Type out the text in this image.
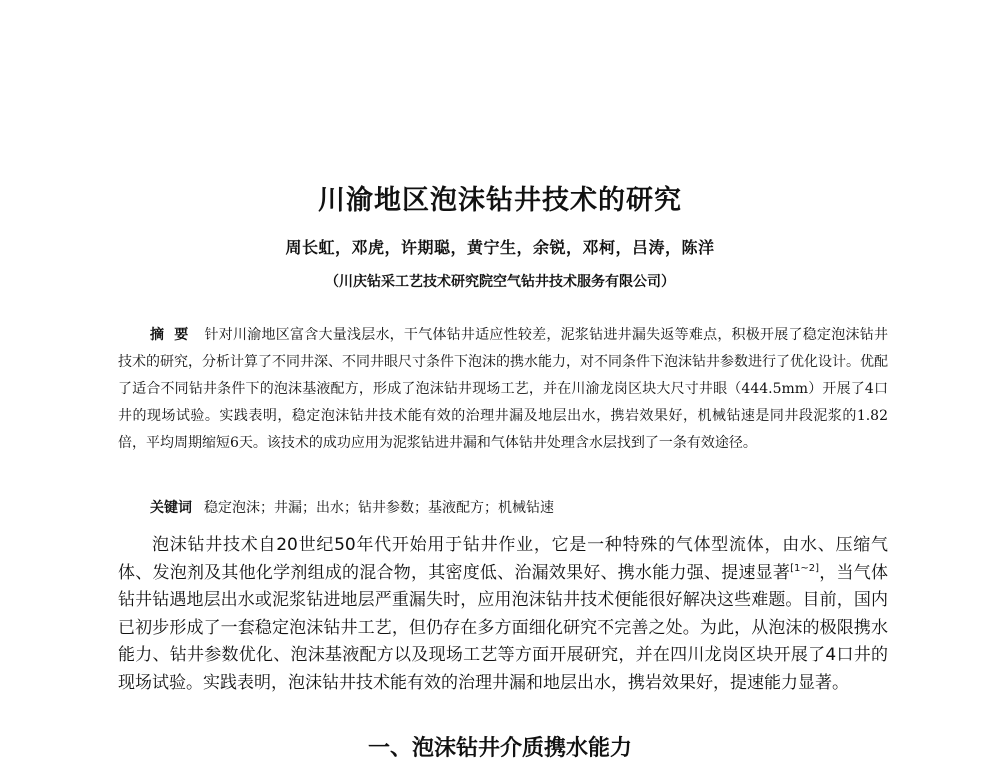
川渝地区泡沫钻井技术的研究
周长虹，邓虎，许期聪，黄宁生，余锐，邓柯，吕涛，陈洋
（川庆钻采工艺技术研究院空气钻井技术服务有限公司）

摘要 针对川渝地区富含大量浅层水，干气体钻井适应性较差，泥浆钻进井漏失返等难点，积极开展了稳定泡沫钻井技术的研究，分析计算了不同井深、不同井眼尺寸条件下泡沫的携水能力，对不同条件下泡沫钻井参数进行了优化设计。优配了适合不同钻井条件下的泡沫基液配方，形成了泡沫钻井现场工艺，并在川渝龙岗区块大尺寸井眼（444.5mm）开展了4口井的现场试验。实践表明，稳定泡沫钻井技术能有效的治理井漏及地层出水，携岩效果好，机械钻速是同井段泥浆的1.82倍，平均周期缩短6天。该技术的成功应用为泥浆钻进井漏和气体钻井处理含水层找到了一条有效途径。

关键词 稳定泡沫；井漏；出水；钻井参数；基液配方；机械钻速

泡沫钻井技术自20世纪50年代开始用于钻井作业，它是一种特殊的气体型流体，由水、压缩气体、发泡剂及其他化学剂组成的混合物，其密度低、治漏效果好、携水能力强、提速显著[1~2]，当气体钻井钻遇地层出水或泥浆钻进地层严重漏失时，应用泡沫钻井技术便能很好解决这些难题。目前，国内已初步形成了一套稳定泡沫钻井工艺，但仍存在多方面细化研究不完善之处。为此，从泡沫的极限携水能力、钻井参数优化、泡沫基液配方以及现场工艺等方面开展研究，并在四川龙岗区块开展了4口井的现场试验。实践表明，泡沫钻井技术能有效的治理井漏和地层出水，携岩效果好，提速能力显著。

一、泡沫钻井介质携水能力
